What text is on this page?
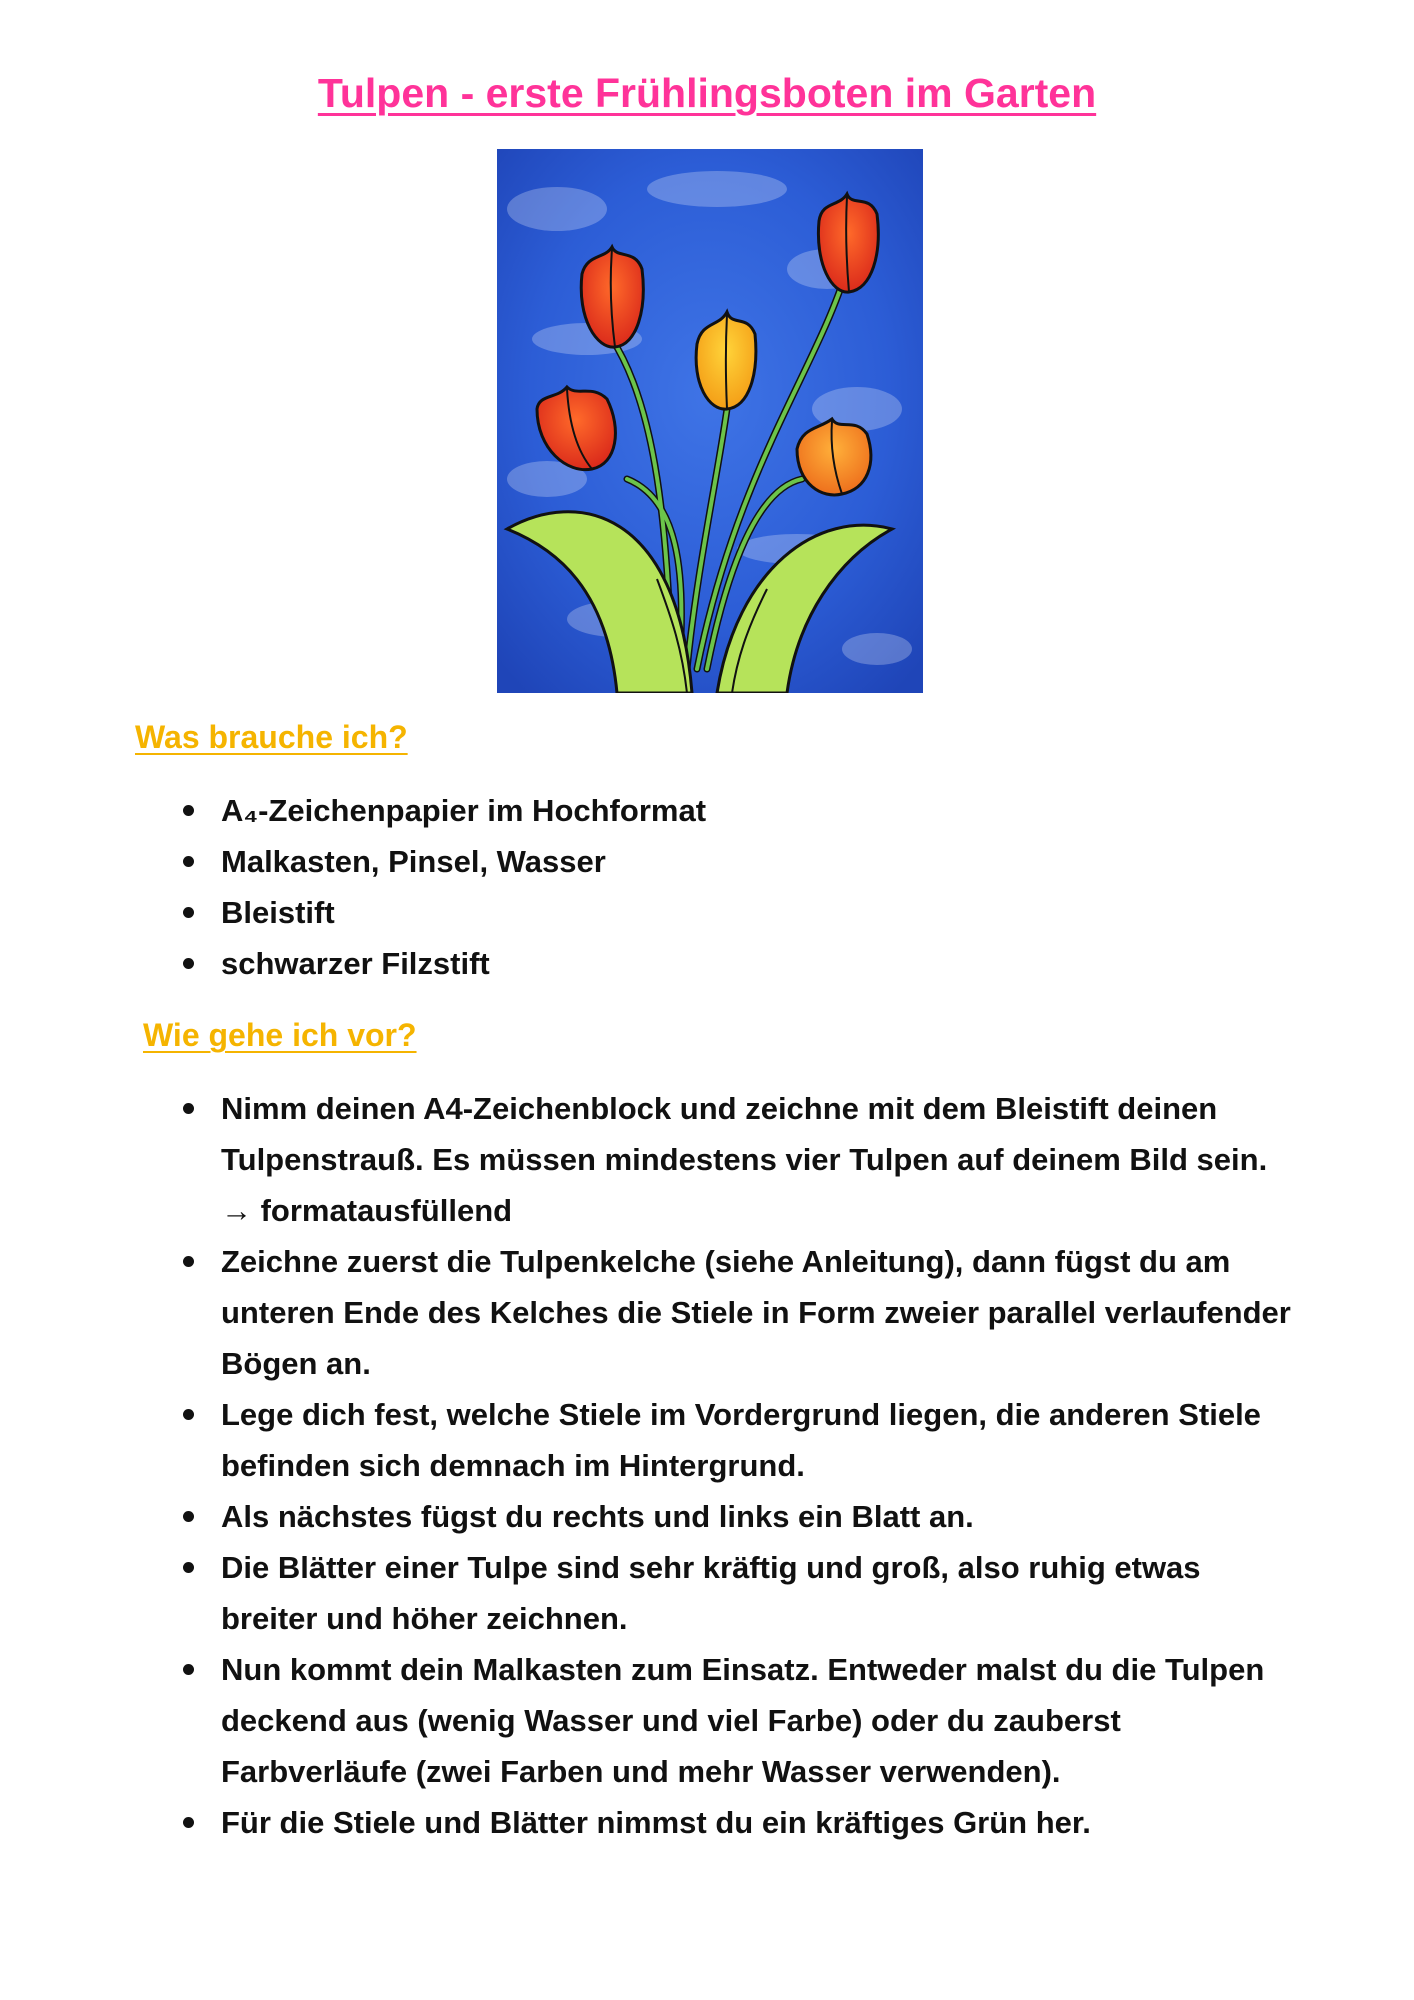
Tulpen - erste Frühlingsboten im Garten
Was brauche ich?
A₄-Zeichenpapier im Hochformat
Malkasten, Pinsel, Wasser
Bleistift
schwarzer Filzstift
Wie gehe ich vor?
Nimm deinen A4-Zeichenblock und zeichne mit dem Bleistift deinen Tulpenstrauß. Es müssen mindestens vier Tulpen auf deinem Bild sein. → formatausfüllend
Zeichne zuerst die Tulpenkelche (siehe Anleitung), dann fügst du am unteren Ende des Kelches die Stiele in Form zweier parallel verlaufender Bögen an.
Lege dich fest, welche Stiele im Vordergrund liegen, die anderen Stiele befinden sich demnach im Hintergrund.
Als nächstes fügst du rechts und links ein Blatt an.
Die Blätter einer Tulpe sind sehr kräftig und groß, also ruhig etwas breiter und höher zeichnen.
Nun kommt dein Malkasten zum Einsatz. Entweder malst du die Tulpen deckend aus (wenig Wasser und viel Farbe) oder du zauberst Farbverläufe (zwei Farben und mehr Wasser verwenden).
Für die Stiele und Blätter nimmst du ein kräftiges Grün her.
